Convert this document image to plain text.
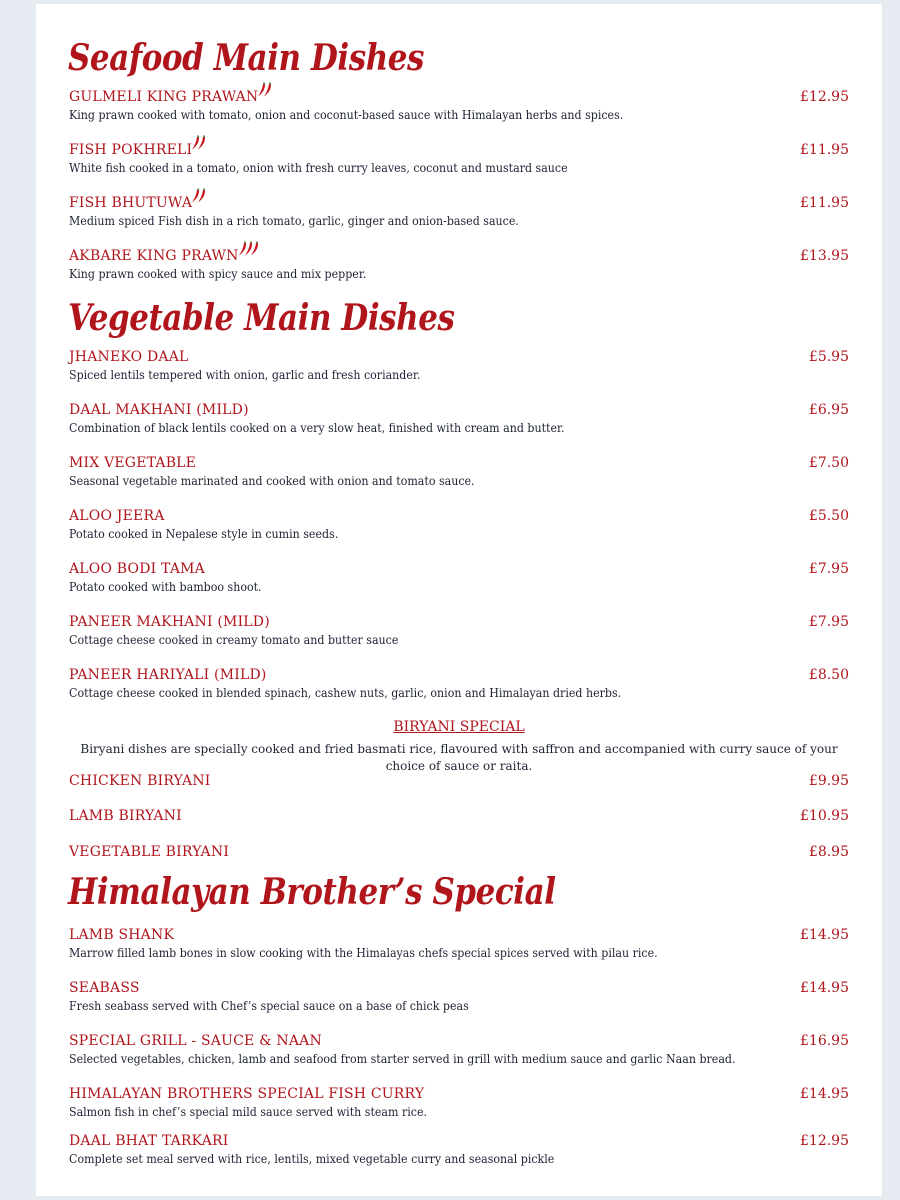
Seafood Main Dishes
GULMELI KING PRAWAN	£12.95
King prawn cooked with tomato, onion and coconut-based sauce with Himalayan herbs and spices.
FISH POKHRELI	£11.95
White fish cooked in a tomato, onion with fresh curry leaves, coconut and mustard sauce
FISH BHUTUWA	£11.95
Medium spiced Fish dish in a rich tomato, garlic, ginger and onion-based sauce.
AKBARE KING PRAWN	£13.95
King prawn cooked with spicy sauce and mix pepper.
Vegetable Main Dishes
JHANEKO DAAL	£5.95
Spiced lentils tempered with onion, garlic and fresh coriander.
DAAL MAKHANI (MILD)	£6.95
Combination of black lentils cooked on a very slow heat, finished with cream and butter.
MIX VEGETABLE	£7.50
Seasonal vegetable marinated and cooked with onion and tomato sauce.
ALOO JEERA	£5.50
Potato cooked in Nepalese style in cumin seeds.
ALOO BODI TAMA	£7.95
Potato cooked with bamboo shoot.
PANEER MAKHANI (MILD)	£7.95
Cottage cheese cooked in creamy tomato and butter sauce
PANEER HARIYALI (MILD)	£8.50
Cottage cheese cooked in blended spinach, cashew nuts, garlic, onion and Himalayan dried herbs.
BIRYANI SPECIAL
Biryani dishes are specially cooked and fried basmati rice, flavoured with saffron and accompanied with curry sauce of your choice of sauce or raita.
CHICKEN BIRYANI	£9.95
LAMB BIRYANI	£10.95
VEGETABLE BIRYANI	£8.95
Himalayan Brother’s Special
LAMB SHANK	£14.95
Marrow filled lamb bones in slow cooking with the Himalayas chefs special spices served with pilau rice.
SEABASS	£14.95
Fresh seabass served with Chef’s special sauce on a base of chick peas
SPECIAL GRILL - SAUCE & NAAN	£16.95
Selected vegetables, chicken, lamb and seafood from starter served in grill with medium sauce and garlic Naan bread.
HIMALAYAN BROTHERS SPECIAL FISH CURRY	£14.95
Salmon fish in chef’s special mild sauce served with steam rice.
DAAL BHAT TARKARI	£12.95
Complete set meal served with rice, lentils, mixed vegetable curry and seasonal pickle
